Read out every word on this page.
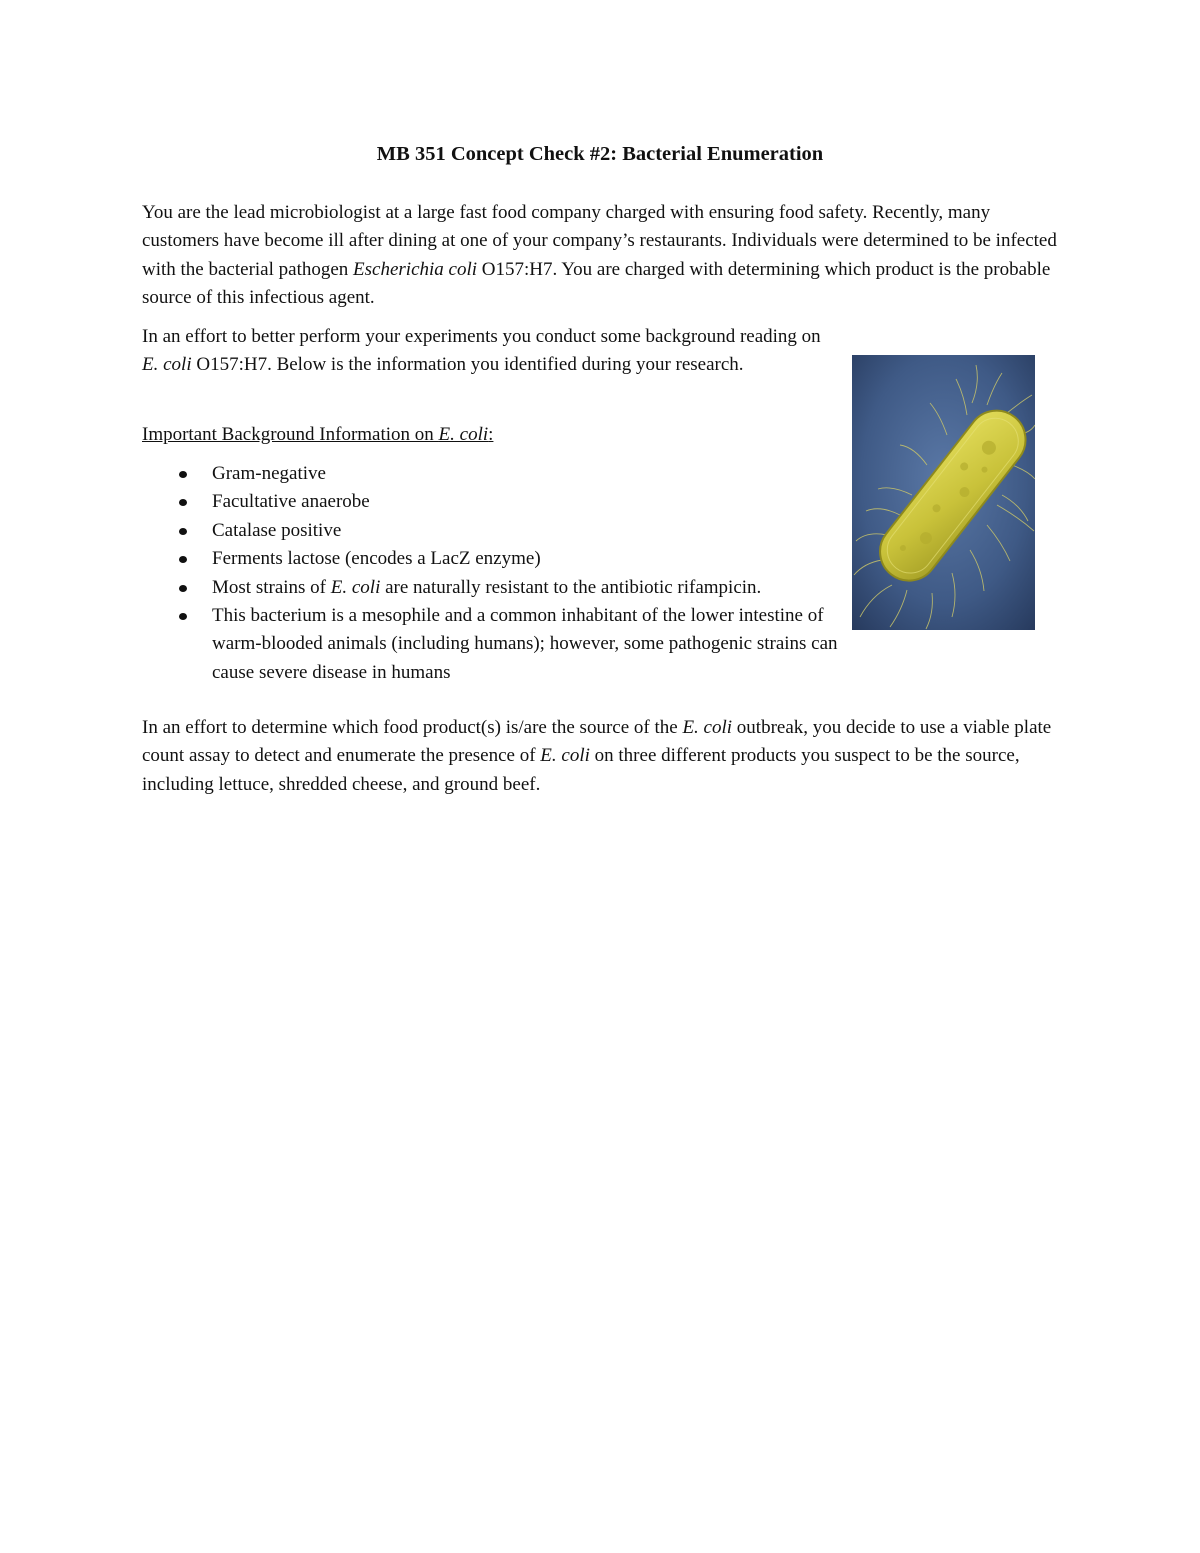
MB 351 Concept Check #2: Bacterial Enumeration

You are the lead microbiologist at a large fast food company charged with ensuring food safety. Recently, many customers have become ill after dining at one of your company’s restaurants. Individuals were determined to be infected with the bacterial pathogen Escherichia coli O157:H7. You are charged with determining which product is the probable source of this infectious agent.

In an effort to better perform your experiments you conduct some background reading on E. coli O157:H7. Below is the information you identified during your research.

Important Background Information on E. coli:
Gram-negative
Facultative anaerobe
Catalase positive
Ferments lactose (encodes a LacZ enzyme)
Most strains of E. coli are naturally resistant to the antibiotic rifampicin.
This bacterium is a mesophile and a common inhabitant of the lower intestine of warm-blooded animals (including humans); however, some pathogenic strains can cause severe disease in humans

In an effort to determine which food product(s) is/are the source of the E. coli outbreak, you decide to use a viable plate count assay to detect and enumerate the presence of E. coli on three different products you suspect to be the source, including lettuce, shredded cheese, and ground beef.
